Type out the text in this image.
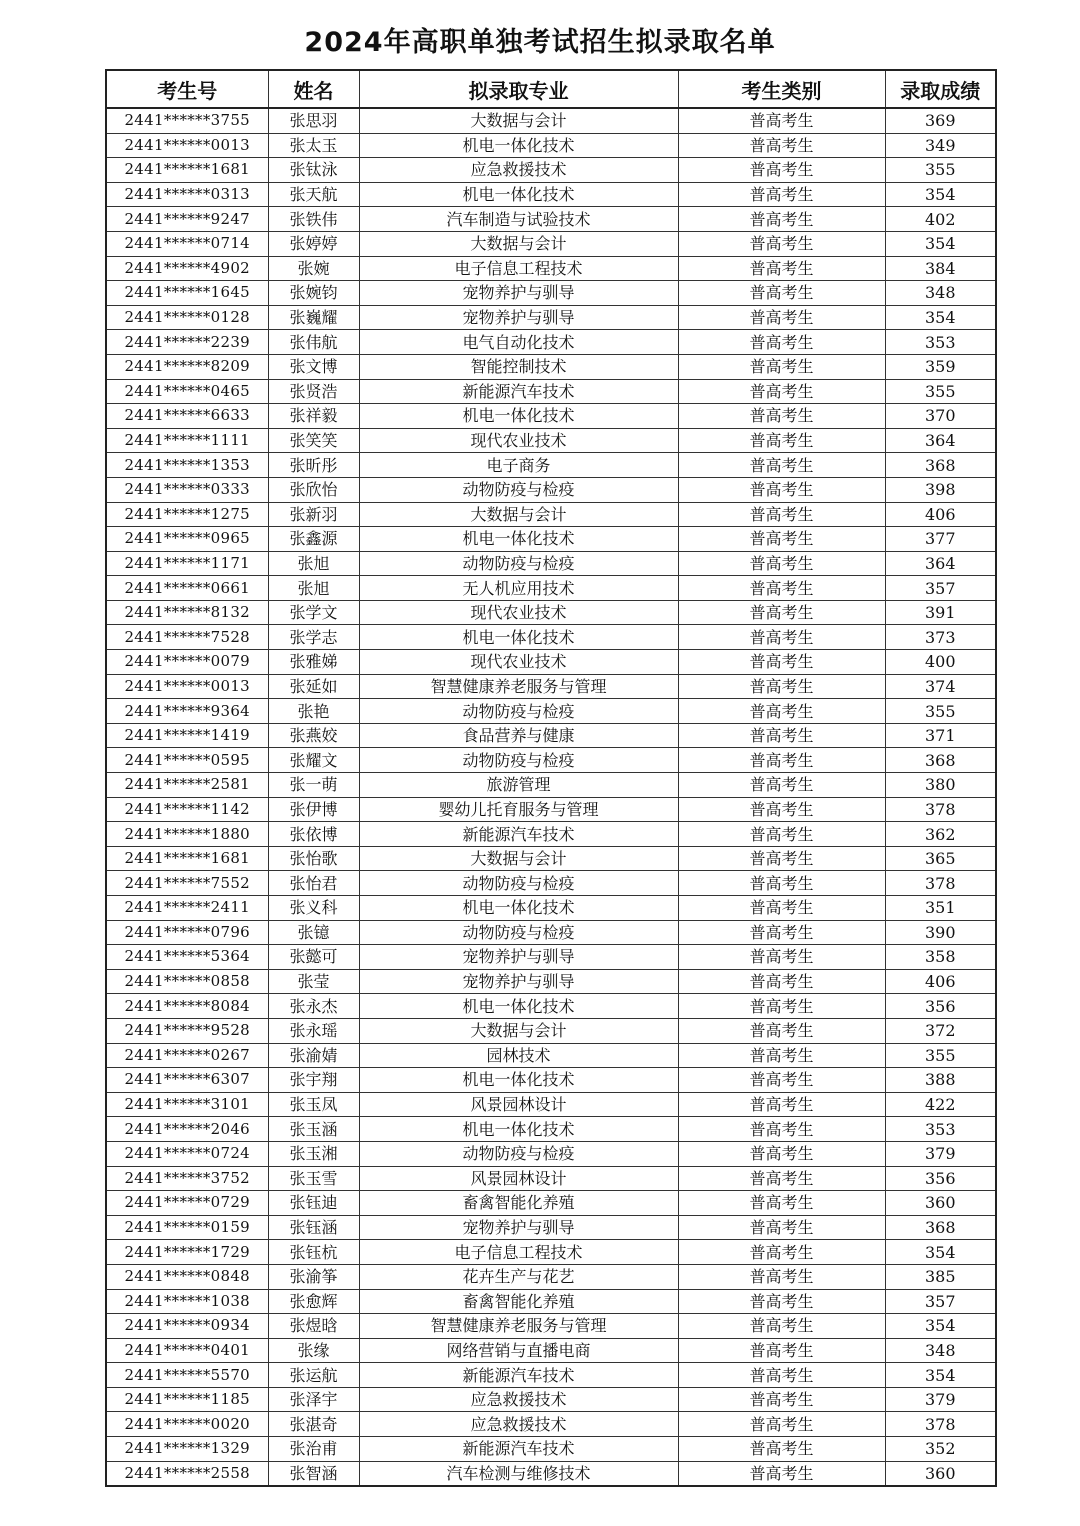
2024年高职单独考试招生拟录取名单
考生号	姓名	拟录取专业	考生类别	录取成绩
2441******3755	张思羽	大数据与会计	普高考生	369
2441******0013	张太玉	机电一体化技术	普高考生	349
2441******1681	张钛泳	应急救援技术	普高考生	355
2441******0313	张天航	机电一体化技术	普高考生	354
2441******9247	张铁伟	汽车制造与试验技术	普高考生	402
2441******0714	张婷婷	大数据与会计	普高考生	354
2441******4902	张婉	电子信息工程技术	普高考生	384
2441******1645	张婉钧	宠物养护与驯导	普高考生	348
2441******0128	张巍耀	宠物养护与驯导	普高考生	354
2441******2239	张伟航	电气自动化技术	普高考生	353
2441******8209	张文博	智能控制技术	普高考生	359
2441******0465	张贤浩	新能源汽车技术	普高考生	355
2441******6633	张祥毅	机电一体化技术	普高考生	370
2441******1111	张笑笑	现代农业技术	普高考生	364
2441******1353	张昕彤	电子商务	普高考生	368
2441******0333	张欣怡	动物防疫与检疫	普高考生	398
2441******1275	张新羽	大数据与会计	普高考生	406
2441******0965	张鑫源	机电一体化技术	普高考生	377
2441******1171	张旭	动物防疫与检疫	普高考生	364
2441******0661	张旭	无人机应用技术	普高考生	357
2441******8132	张学文	现代农业技术	普高考生	391
2441******7528	张学志	机电一体化技术	普高考生	373
2441******0079	张雅娣	现代农业技术	普高考生	400
2441******0013	张延如	智慧健康养老服务与管理	普高考生	374
2441******9364	张艳	动物防疫与检疫	普高考生	355
2441******1419	张燕姣	食品营养与健康	普高考生	371
2441******0595	张耀文	动物防疫与检疫	普高考生	368
2441******2581	张一萌	旅游管理	普高考生	380
2441******1142	张伊博	婴幼儿托育服务与管理	普高考生	378
2441******1880	张依博	新能源汽车技术	普高考生	362
2441******1681	张怡歌	大数据与会计	普高考生	365
2441******7552	张怡君	动物防疫与检疫	普高考生	378
2441******2411	张义科	机电一体化技术	普高考生	351
2441******0796	张镱	动物防疫与检疫	普高考生	390
2441******5364	张懿可	宠物养护与驯导	普高考生	358
2441******0858	张莹	宠物养护与驯导	普高考生	406
2441******8084	张永杰	机电一体化技术	普高考生	356
2441******9528	张永瑶	大数据与会计	普高考生	372
2441******0267	张渝婧	园林技术	普高考生	355
2441******6307	张宇翔	机电一体化技术	普高考生	388
2441******3101	张玉凤	风景园林设计	普高考生	422
2441******2046	张玉涵	机电一体化技术	普高考生	353
2441******0724	张玉湘	动物防疫与检疫	普高考生	379
2441******3752	张玉雪	风景园林设计	普高考生	356
2441******0729	张钰迪	畜禽智能化养殖	普高考生	360
2441******0159	张钰涵	宠物养护与驯导	普高考生	368
2441******1729	张钰杭	电子信息工程技术	普高考生	354
2441******0848	张渝筝	花卉生产与花艺	普高考生	385
2441******1038	张愈辉	畜禽智能化养殖	普高考生	357
2441******0934	张煜晗	智慧健康养老服务与管理	普高考生	354
2441******0401	张缘	网络营销与直播电商	普高考生	348
2441******5570	张运航	新能源汽车技术	普高考生	354
2441******1185	张泽宇	应急救援技术	普高考生	379
2441******0020	张湛奇	应急救援技术	普高考生	378
2441******1329	张治甫	新能源汽车技术	普高考生	352
2441******2558	张智涵	汽车检测与维修技术	普高考生	360
